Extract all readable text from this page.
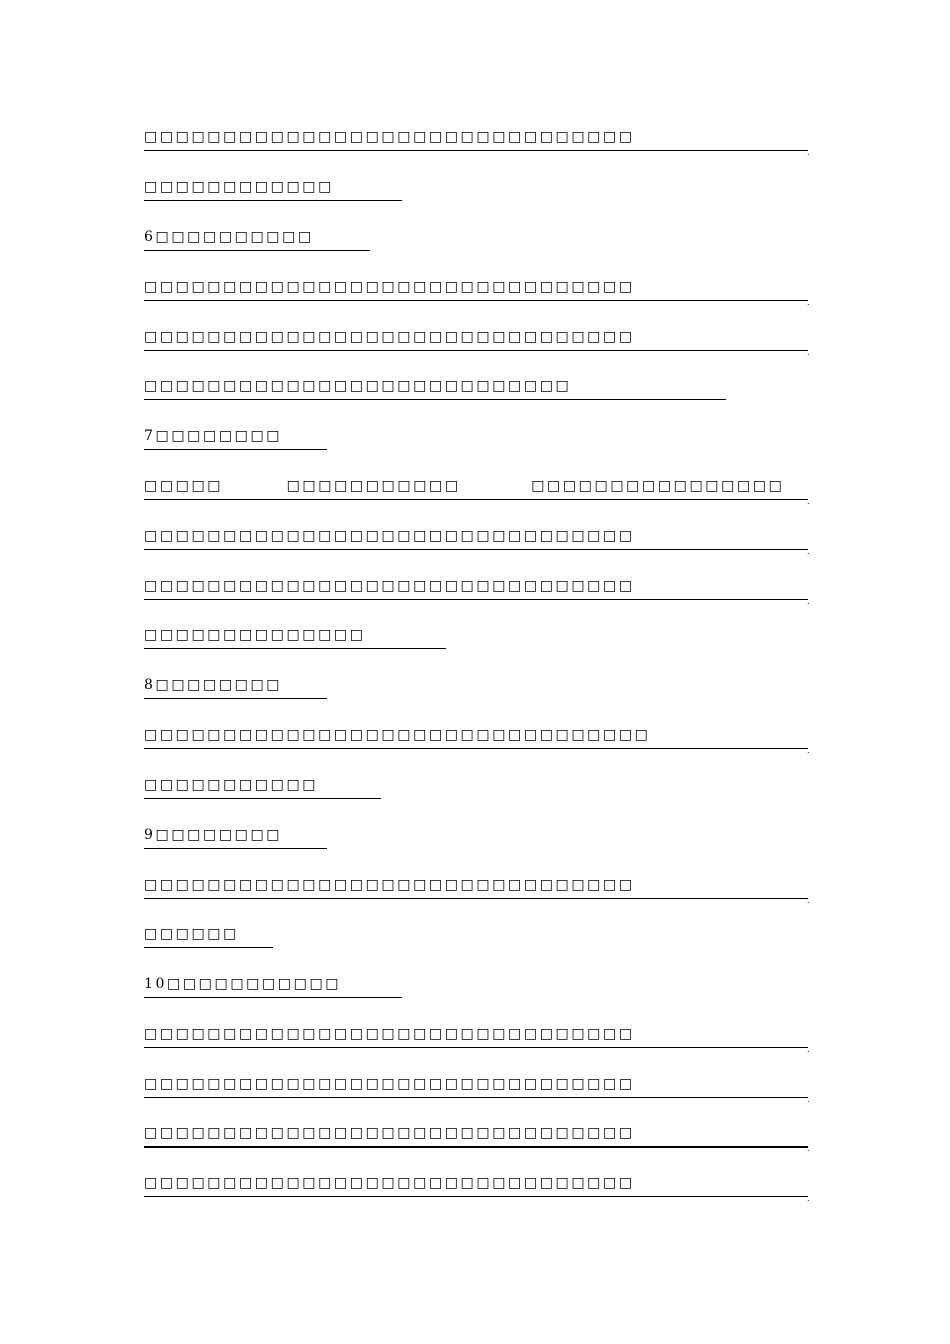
□□□□□□□□□□□□□□□□□□□□□□□□□□□□□□□
.
□□□□□□□□□□□□
6□□□□□□□□□□
□□□□□□□□□□□□□□□□□□□□□□□□□□□□□□□
.
□□□□□□□□□□□□□□□□□□□□□□□□□□□□□□□
.
□□□□□□□□□□□□□□□□□□□□□□□□□□□
7□□□□□□□□
□□□□□         □□□□□□□□□□□          □□□□□□□□□□□□□□□□
.
□□□□□□□□□□□□□□□□□□□□□□□□□□□□□□□
.
□□□□□□□□□□□□□□□□□□□□□□□□□□□□□□□
.
□□□□□□□□□□□□□□
8□□□□□□□□
□□□□□□□□□□□□□□□□□□□□□□□□□□□□□□□□
.
□□□□□□□□□□□
9□□□□□□□□
□□□□□□□□□□□□□□□□□□□□□□□□□□□□□□□
.
□□□□□□
10□□□□□□□□□□□
□□□□□□□□□□□□□□□□□□□□□□□□□□□□□□□
.
□□□□□□□□□□□□□□□□□□□□□□□□□□□□□□□
.
□□□□□□□□□□□□□□□□□□□□□□□□□□□□□□□
.
□□□□□□□□□□□□□□□□□□□□□□□□□□□□□□□
.
